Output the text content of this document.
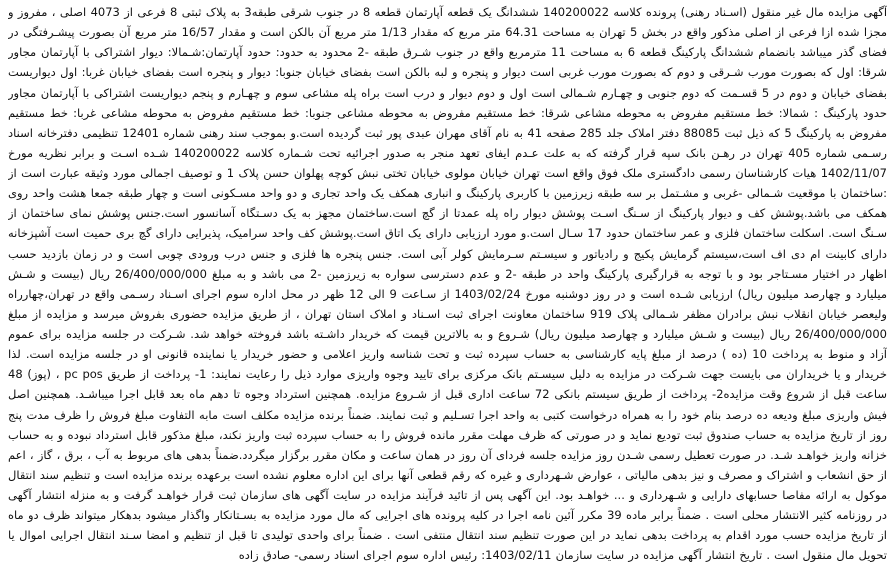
آگهی مزایده مال غیر منقول (اسـناد رهنی) پرونده کلاسه 140200022 ششدانگ یک قطعه آپارتمان قطعه 8 در جنوب شرقی طبقه3 به پلاک ثبتی 8 فرعی از 4073 اصلی ، مفروز و مجزا شده ازا فرعی از اصلی مذکور واقع در بخش 5 تهران به مساحت 64.31 متر مربع که مقدار 1/13 متر مربع آن بالکن است و مقدار 16/57 متر مربع آن بصورت پیشـرفتگی در فضای گذر میباشد بانضمام ششدانگ پارکینگ قطعه 6 به مساحت 11 مترمربع واقع در جنوب شـرق طبقه -2 محدود به حدود: حدود آپارتمان:شـمالا: دیوار اشتراکی با آپارتمان مجاور شرقا: اول که بصورت مورب شـرقی و دوم که بصورت مورب غربی است دیوار و پنجره و لبه بالکن است بفضای خیابان جنوبا: دیوار و پنجره است بفضای خیابان غربا: اول دیواریست بفضای خیابان و دوم در 5 قسـمت که دوم جنوبی و چهـارم شـمالی است اول و دوم دیوار و درب است براه پله مشاعی سوم و چهـارم و پنجم دیواریست اشتراکی با آپارتمان مجاور حدود پارکینگ : شمالا: خط مستقیم مفروض به محوطه مشاعی شرقا: خط مستقیم مفروض به محوطه مشاعی جنوبا: خط مستقیم مفروض به محوطه مشاعی غربا: خط مستقیم مفروض به پارکینگ 5 که ذیل ثبت 88085 دفتر املاک جلد 285 صفحه 41 به نام آقای مهران عبدی پور ثبت گردیده است.و بموجب سند رهنی شماره 12401 تنظیمی دفترخانه اسناد رسـمی شماره 405 تهران در رهـن بانک سپه قرار گرفته که به علت عـدم ایفای تعهد منجر به صدور اجرائیه تحت شـماره کلاسه 140200022 شـده اسـت و برابر نظریه مورخ 1402/11/07 هیات کارشناسان رسمی دادگستری ملک فوق واقع است تهران خیابان مولوی خیابان تختی نبش کوچه پهلوان حسن پلاک 1 و توصیف اجمالی مورد وثیقه عبارت است از :ساختمان با موقعیت شـمالی -غربی و مشـتمل بر سه طبقه زیرزمین با کاربری پارکینگ و انباری همکف یک واحد تجاری و دو واحد مسـکونی است و چهار طبقه جمعا هشت واحد روی همکف می باشد.پوشش کف و دیوار پارکینگ از سـنگ اسـت پوشش دیوار راه پله عمدتا از گچ است.ساختمان مجهز به یک دسـتگاه آسانسور است.جنس پوشش نمای ساختمان از سـنگ است. اسکلت ساختمان فلزی و عمر ساختمان حدود 17 سـال است.و مورد ارزیابی دارای یک اتاق است.پوشش کف واحد سرامیک، پذیرایی دارای گچ بری حمیت است آشپزخانه دارای کابینت ام دی اف است،سیستم گرمایش پکیج و رادیاتور و سیسـتم سـرمایش کولر آبی است. جنس پنجره ها فلزی و جنس درب ورودی چوبی است و در زمان بازدید حسب اظهار در اختیار مسـتاجر بود و با توجه به قرارگیری پارکینگ واحد در طبقه -2 و عدم دسترسی سواره به زیرزمین -2 می باشد و به مبلغ 26/400/000/000 ریال (بیست و شـش میلیارد و چهارصد میلیون ریال) ارزیابی شـده است و در روز دوشنبه مورخ 1403/02/24 از سـاعت 9 الی 12 ظهر در محل اداره سوم اجرای اسـناد رسـمی واقع در تهران،چهارراه ولیعصر خیابان انقلاب نبش برادران مظفر شـمالی پلاک 919 ساختمان معاونت اجرای ثبت اسـناد و املاک استان تهران ، از طریق مزایده حضوری بفروش میرسد و مزایده از مبلغ 26/400/000/000 ریال (بیست و شـش میلیارد و چهارصد میلیون ریال) شـروع و به بالاترین قیمت که خریدار داشـته باشد فروخته خواهد شد. شـرکت در جلسه مزایده برای عموم آزاد و منوط به پرداخت 10 (ده ) درصد از مبلغ پایه کارشناسی به حساب سپرده ثبت و تحت شناسه واریز اعلامی و حضور خریدار یا نماینده قانونی او در جلسه مزایده است. لذا خریدار و یا خریداران می بایست جهت شـرکت در مزایده به دلیل سیسـتم بانک مرکزی برای تایید وجوه واریزی موارد ذیل را رعایت نمایند: 1- پرداخت از طریق pc pos ، (پوز) 48 ساعت قبل از شروع وقت مزایده2- پرداخت از طریق سیستم بانکی 72 ساعت اداری قبل از شـروع مزایده. همچنین استرداد وجوه تا دهم ماه بعد قابل اجرا میباشـد. همچنین اصل فیش واریزی مبلغ ودیعه ده درصد بنام خود را به همراه درخواست کتبی به واحد اجرا تسـلیم و ثبت نمایند. ضمناً برنده مزایده مکلف است مابه التفاوت مبلغ فروش را ظرف مدت پنج روز از تاریخ مزایده به حساب صندوق ثبت تودیع نماید و در صورتی که ظرف مهلت مقرر مانده فروش را به حساب سپرده ثبت واریز نکند، مبلغ مذکور قابل استرداد نبوده و به حساب خزانه واریز خواهـد شـد. در صورت تعطیل رسمی شـدن روز مزایده جلسه فردای آن روز در همان ساعت و مکان مقرر برگزار میگردد.ضمناً بدهی های مربوط به آب ، برق ، گاز ، اعم از حق انشعاب و اشتراک و مصرف و نیز بدهی مالیاتی ، عوارض شـهرداری و غیره که رقم قطعی آنها برای این اداره معلوم نشده است برعهده برنده مزایده است و تنظیم سند انتقال موکول به ارائه مفاصا حسابهای دارایی و شـهرداری و ... خواهـد بود. این آگهی پس از تائید فرآیند مزایده در سایت آگهی های سازمان ثبت قرار خواهـد گرفت و به منزله انتشار آگهی در روزنامه کثیر الانتشار محلی است . ضمناً برابر ماده 39 مکرر آئین نامه اجرا در کلیه پرونده های اجرایی که مال مورد مزایده به بسـتانکار واگذار میشود بدهکار میتواند ظرف دو ماه از تاریخ مزایده حسب مورد اقدام به پرداخت بدهی نماید در این صورت تنظیم سند انتقال منتفی است . ضمناً برای واحدی تولیدی تا قبل از تنظیم و امضا سـند انتقال اجرایی اموال یا تحویل مال منقول است . تاریخ انتشار آگهی مزایده در سایت سازمان 1403/02/11: رئیس اداره سوم اجرای اسناد رسمی- صادق زاده
